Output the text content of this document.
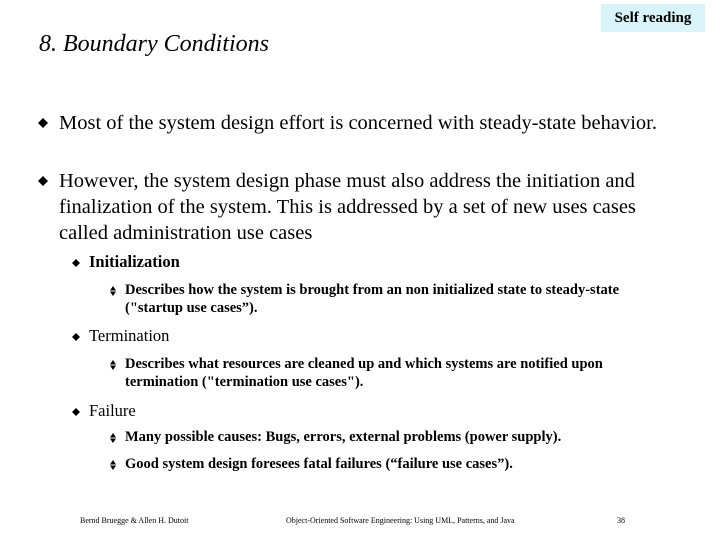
Self reading
8. Boundary Conditions
Most of the system design effort is concerned with steady-state behavior.
However, the system design phase must also address the initiation and finalization of the system. This is addressed by a set of new uses cases called administration use cases
Initialization
Describes how the system is brought from an non initialized state to steady-state ("startup use cases”).
Termination
Describes what resources are cleaned up and which systems are notified upon termination ("termination use cases").
Failure
Many possible causes: Bugs, errors, external problems (power supply).
Good system design foresees fatal failures (“failure use cases”).
Bernd Bruegge & Allen H. Dutoit	Object-Oriented Software Engineering: Using UML, Patterns, and Java	38
